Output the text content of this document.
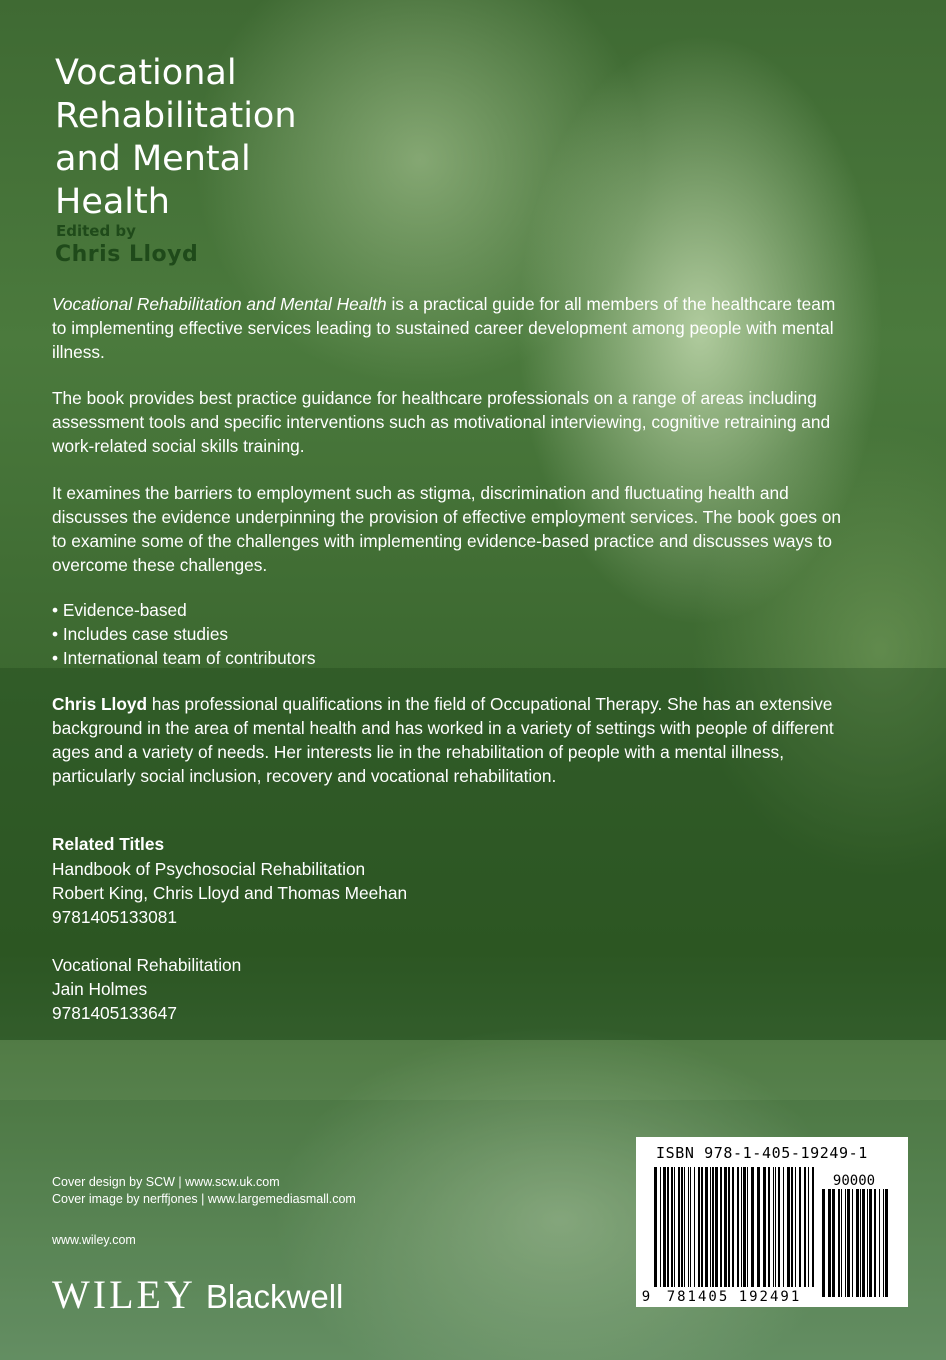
Vocational Rehabilitation and Mental Health
Edited by
Chris Lloyd

Vocational Rehabilitation and Mental Health is a practical guide for all members of the healthcare team to implementing effective services leading to sustained career development among people with mental illness.

The book provides best practice guidance for healthcare professionals on a range of areas including assessment tools and specific interventions such as motivational interviewing, cognitive retraining and work-related social skills training.

It examines the barriers to employment such as stigma, discrimination and fluctuating health and discusses the evidence underpinning the provision of effective employment services. The book goes on to examine some of the challenges with implementing evidence-based practice and discusses ways to overcome these challenges.

• Evidence-based
• Includes case studies
• International team of contributors

Chris Lloyd has professional qualifications in the field of Occupational Therapy. She has an extensive background in the area of mental health and has worked in a variety of settings with people of different ages and a variety of needs. Her interests lie in the rehabilitation of people with a mental illness, particularly social inclusion, recovery and vocational rehabilitation.

Related Titles
Handbook of Psychosocial Rehabilitation
Robert King, Chris Lloyd and Thomas Meehan
9781405133081
Vocational Rehabilitation
Jain Holmes
9781405133647
Cover design by SCW | www.scw.uk.com
Cover image by nerffjones | www.largemediasmall.com
www.wiley.com
WILEY Blackwell
ISBN 978-1-405-19249-1
90000
9 781405 192491
